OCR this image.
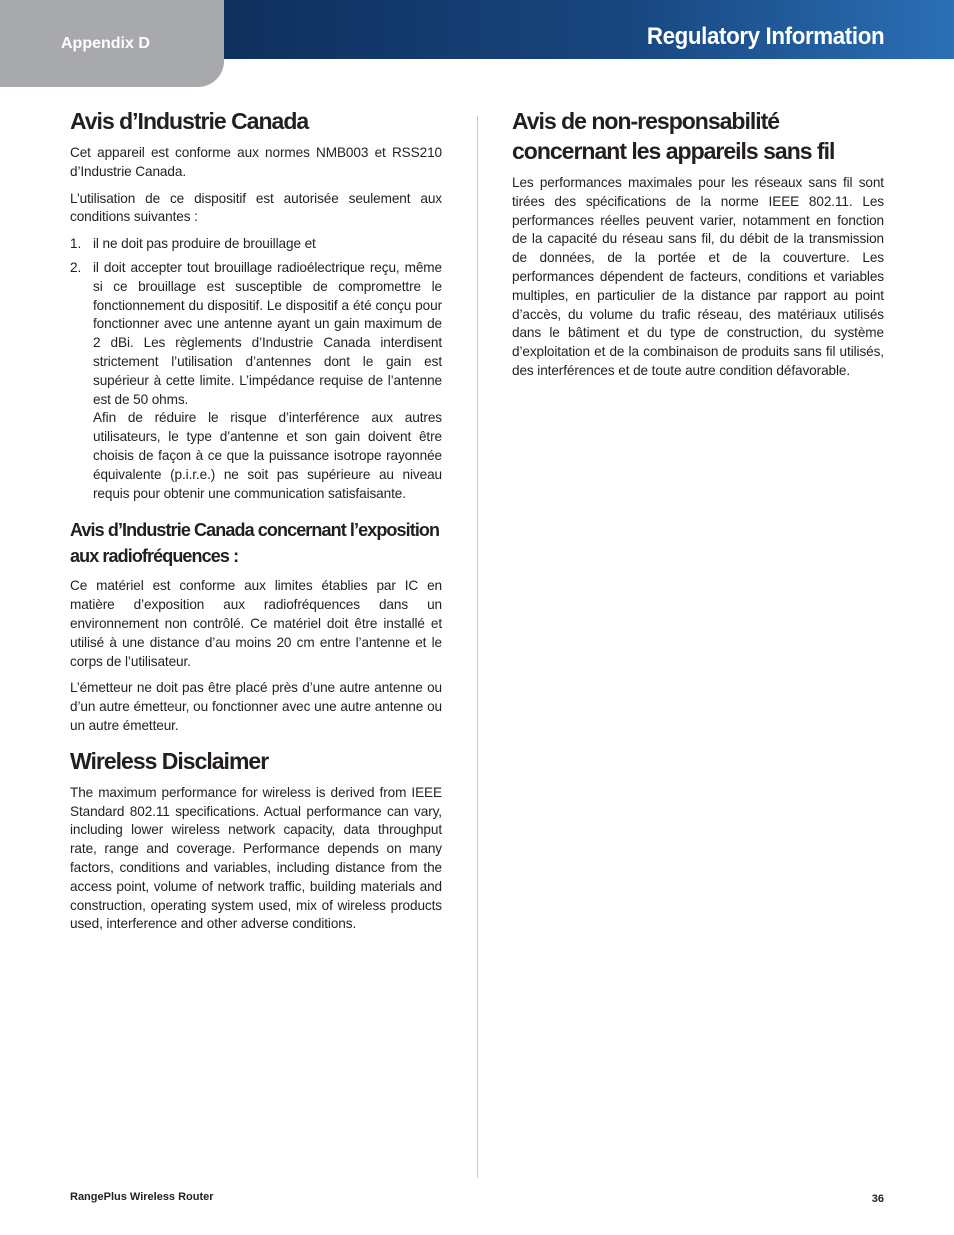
Appendix D	Regulatory Information
Avis d’Industrie Canada

Cet appareil est conforme aux normes NMB003 et RSS210 d’Industrie Canada.

L’utilisation de ce dispositif est autorisée seulement aux conditions suivantes :

1. il ne doit pas produire de brouillage et
2. il doit accepter tout brouillage radioélectrique reçu, même si ce brouillage est susceptible de compromettre le fonctionnement du dispositif. Le dispositif a été conçu pour fonctionner avec une antenne ayant un gain maximum de 2 dBi. Les règlements d’Industrie Canada interdisent strictement l’utilisation d’antennes dont le gain est supérieur à cette limite. L’impédance requise de l’antenne est de 50 ohms.
Afin de réduire le risque d’interférence aux autres utilisateurs, le type d’antenne et son gain doivent être choisis de façon à ce que la puissance isotrope rayonnée équivalente (p.i.r.e.) ne soit pas supérieure au niveau requis pour obtenir une communication satisfaisante.
Avis d’Industrie Canada concernant l’exposition aux radiofréquences :

Ce matériel est conforme aux limites établies par IC en matière d’exposition aux radiofréquences dans un environnement non contrôlé. Ce matériel doit être installé et utilisé à une distance d’au moins 20 cm entre l’antenne et le corps de l’utilisateur.

L’émetteur ne doit pas être placé près d’une autre antenne ou d’un autre émetteur, ou fonctionner avec une autre antenne ou un autre émetteur.

Wireless Disclaimer

The maximum performance for wireless is derived from IEEE Standard 802.11 specifications. Actual performance can vary, including lower wireless network capacity, data throughput rate, range and coverage. Performance depends on many factors, conditions and variables, including distance from the access point, volume of network traffic, building materials and construction, operating system used, mix of wireless products used, interference and other adverse conditions.

Avis de non-responsabilité concernant les appareils sans fil

Les performances maximales pour les réseaux sans fil sont tirées des spécifications de la norme IEEE 802.11. Les performances réelles peuvent varier, notamment en fonction de la capacité du réseau sans fil, du débit de la transmission de données, de la portée et de la couverture. Les performances dépendent de facteurs, conditions et variables multiples, en particulier de la distance par rapport au point d’accès, du volume du trafic réseau, des matériaux utilisés dans le bâtiment et du type de construction, du système d’exploitation et de la combinaison de produits sans fil utilisés, des interférences et de toute autre condition défavorable.

RangePlus Wireless Router	36
